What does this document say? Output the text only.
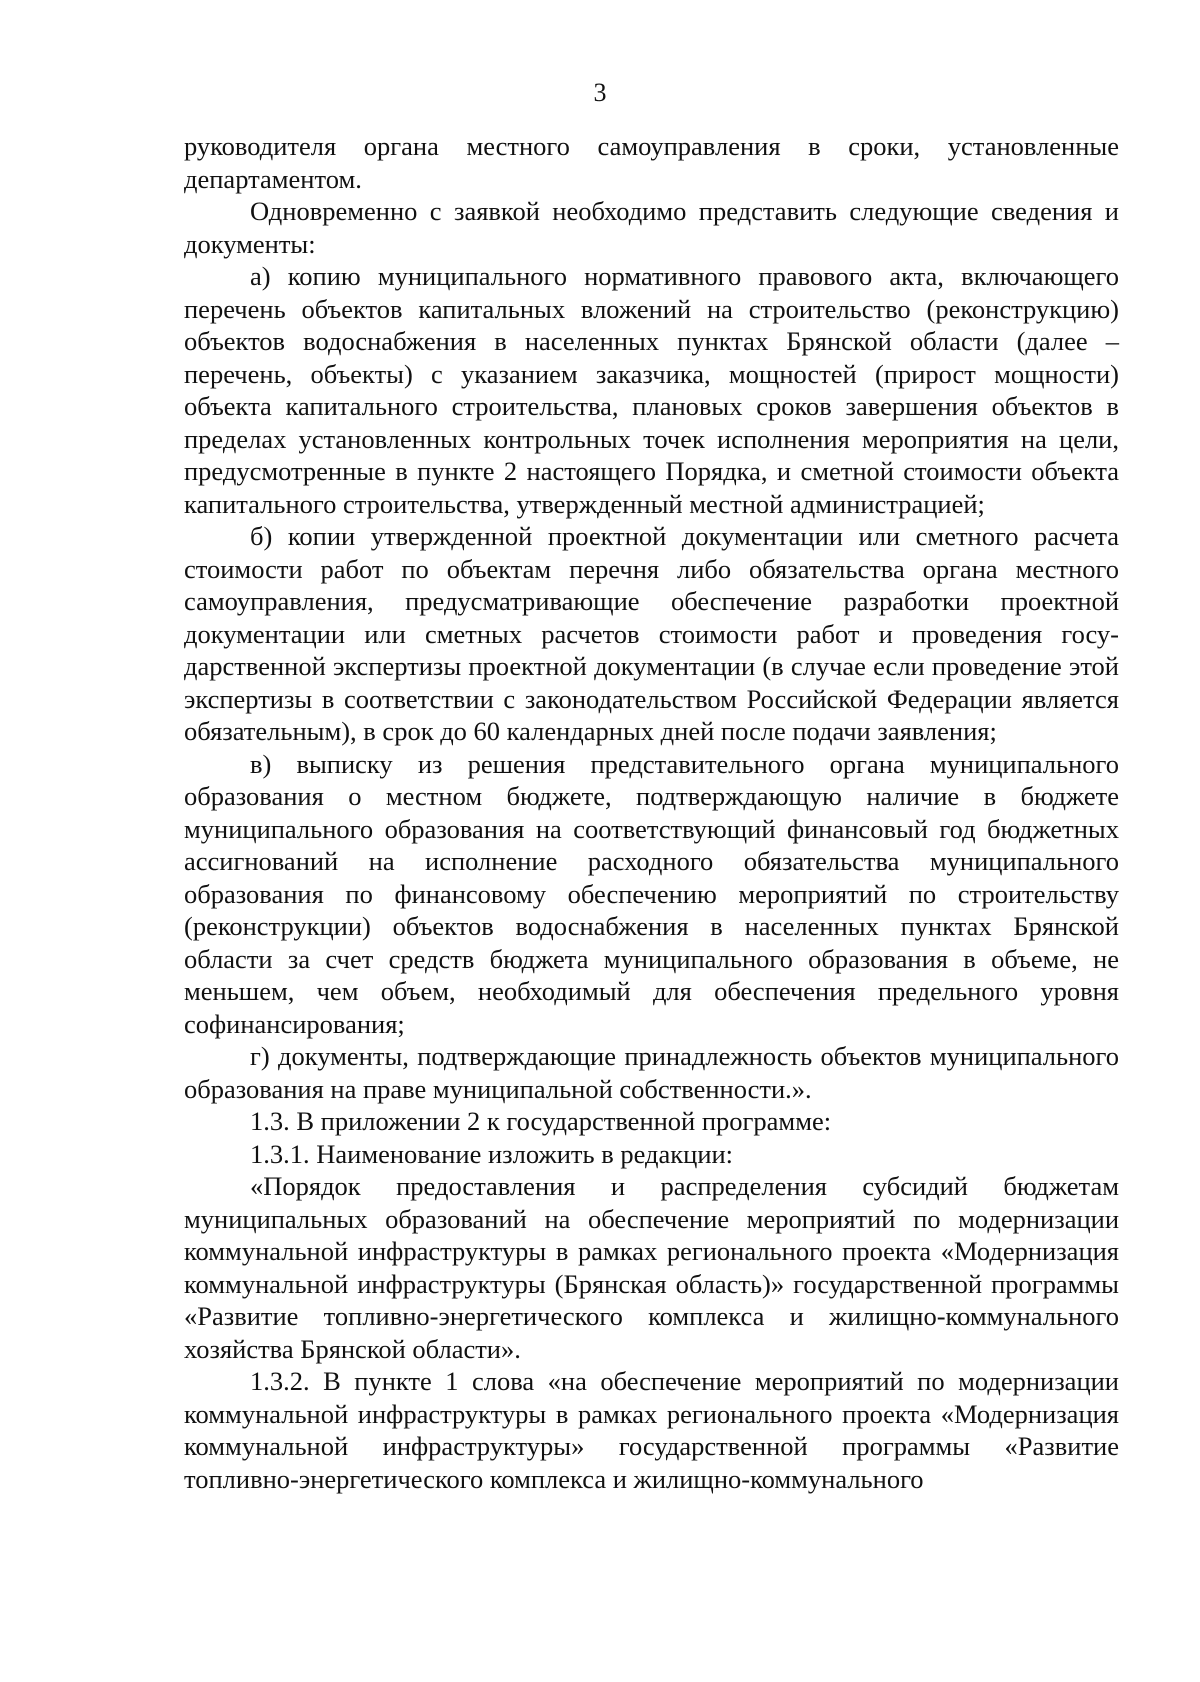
3

руководителя органа местного самоуправления в сроки, установленные департаментом.

Одновременно с заявкой необходимо представить следующие сведения и документы:

а) копию муниципального нормативного правового акта, включающего перечень объектов капитальных вложений на строительство (реконструкцию) объектов водоснабжения в населенных пунктах Брянской области (далее – перечень, объекты) с указанием заказчика, мощностей (прирост мощности) объекта капитального строительства, плановых сроков завершения объектов в пределах установленных контрольных точек исполнения мероприятия на цели, предусмотренные в пункте 2 настоящего Порядка, и сметной стоимости объекта капитального строительства, утвержденный местной администрацией;

б) копии утвержденной проектной документации или сметного расчета стоимости работ по объектам перечня либо обязательства органа местного самоуправления, предусматривающие обеспечение разработки проектной документации или сметных расчетов стоимости работ и проведения государственной экспертизы проектной документации (в случае если проведение этой экспертизы в соответствии с законодательством Российской Федерации является обязательным), в срок до 60 календарных дней после подачи заявления;

в) выписку из решения представительного органа муниципального образования о местном бюджете, подтверждающую наличие в бюджете муниципального образования на соответствующий финансовый год бюджетных ассигнований на исполнение расходного обязательства муниципального образования по финансовому обеспечению мероприятий по строительству (реконструкции) объектов водоснабжения в населенных пунктах Брянской области за счет средств бюджета муниципального образования в объеме, не меньшем, чем объем, необходимый для обеспечения предельного уровня софинансирования;

г) документы, подтверждающие принадлежность объектов муниципального образования на праве муниципальной собственности.».

1.3. В приложении 2 к государственной программе:

1.3.1. Наименование изложить в редакции:

«Порядок предоставления и распределения субсидий бюджетам муниципальных образований на обеспечение мероприятий по модернизации коммунальной инфраструктуры в рамках регионального проекта «Модернизация коммунальной инфраструктуры (Брянская область)» государственной программы «Развитие топливно-энергетического комплекса и жилищно-коммунального хозяйства Брянской области».

1.3.2. В пункте 1 слова «на обеспечение мероприятий по модернизации коммунальной инфраструктуры в рамках регионального проекта «Модернизация коммунальной инфраструктуры» государственной программы «Развитие топливно-энергетического комплекса и жилищно-коммунального
